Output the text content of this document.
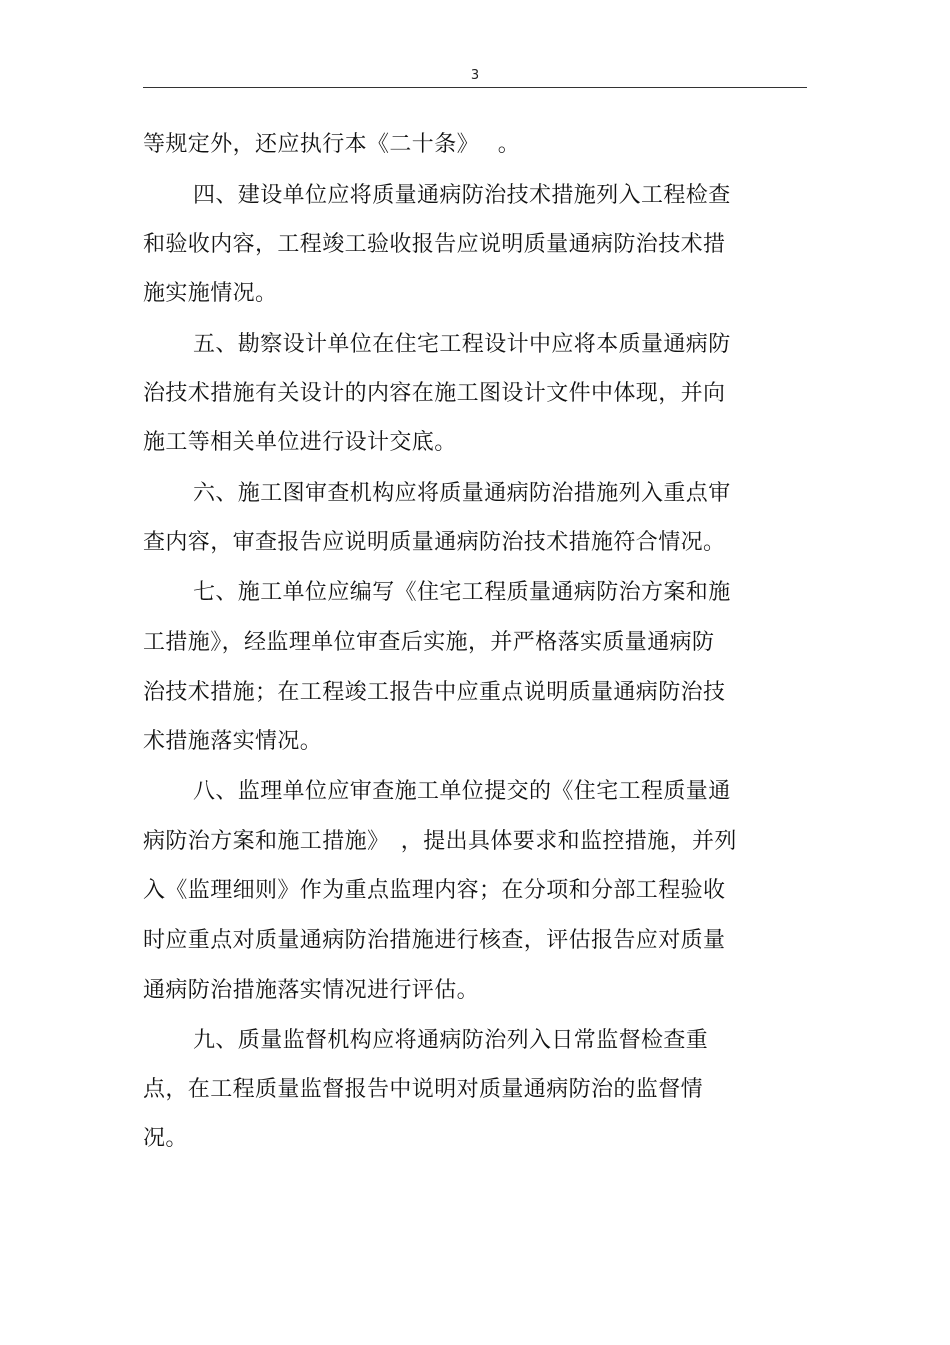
3
等规定外，还应执行本《二十条》　 。
四、建设单位应将质量通病防治技术措施列入工程检查
和验收内容，工程竣工验收报告应说明质量通病防治技术措
施实施情况。
五、勘察设计单位在住宅工程设计中应将本质量通病防
治技术措施有关设计的内容在施工图设计文件中体现，并向
施工等相关单位进行设计交底。
六、施工图审查机构应将质量通病防治措施列入重点审
查内容，审查报告应说明质量通病防治技术措施符合情况。
七、施工单位应编写《住宅工程质量通病防治方案和施
工措施》，经监理单位审查后实施，并严格落实质量通病防
治技术措施；在工程竣工报告中应重点说明质量通病防治技
术措施落实情况。
八、监理单位应审查施工单位提交的《住宅工程质量通
病防治方案和施工措施》　，提出具体要求和监控措施，并列
入《监理细则》作为重点监理内容；在分项和分部工程验收
时应重点对质量通病防治措施进行核查，评估报告应对质量
通病防治措施落实情况进行评估。
九、质量监督机构应将通病防治列入日常监督检查重
点，在工程质量监督报告中说明对质量通病防治的监督情
况。
